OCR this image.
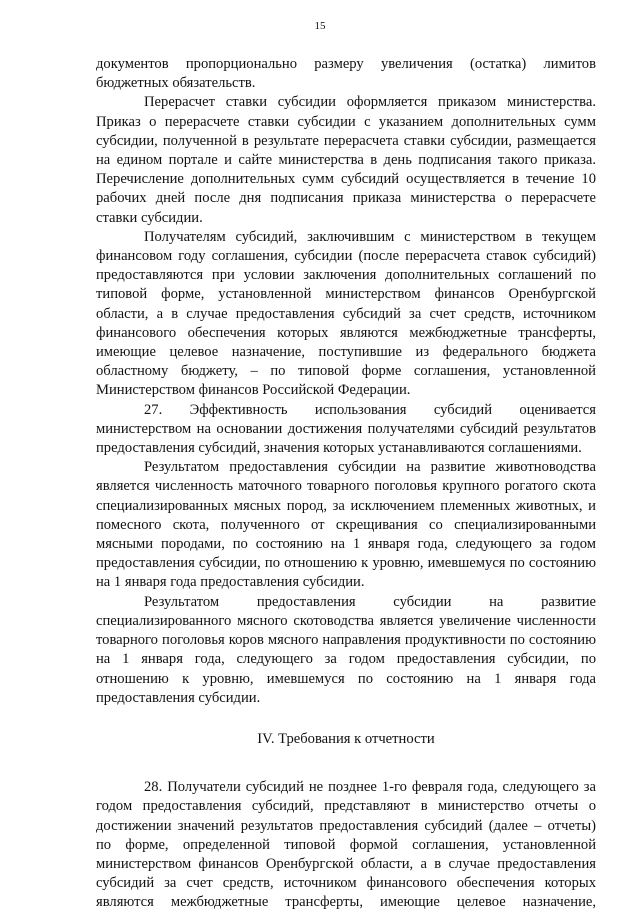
15

документов пропорционально размеру увеличения (остатка) лимитов бюджетных обязательств.

Перерасчет ставки субсидии оформляется приказом министерства. Приказ о перерасчете ставки субсидии с указанием дополнительных сумм субсидии, полученной в результате перерасчета ставки субсидии, размещается на едином портале и сайте министерства в день подписания такого приказа. Перечисление дополнительных сумм субсидий осуществляется в течение 10 рабочих дней после дня подписания приказа министерства о перерасчете ставки субсидии.

Получателям субсидий, заключившим с министерством в текущем финансовом году соглашения, субсидии (после перерасчета ставок субсидий) предоставляются при условии заключения дополнительных соглашений по типовой форме, установленной министерством финансов Оренбургской области, а в случае предоставления субсидий за счет средств, источником финансового обеспечения которых являются межбюджетные трансферты, имеющие целевое назначение, поступившие из федерального бюджета областному бюджету, – по типовой форме соглашения, установленной Министерством финансов Российской Федерации.

27. Эффективность использования субсидий оценивается министерством на основании достижения получателями субсидий результатов предоставления субсидий, значения которых устанавливаются соглашениями.

Результатом предоставления субсидии на развитие животноводства является численность маточного товарного поголовья крупного рогатого скота специализированных мясных пород, за исключением племенных животных, и помесного скота, полученного от скрещивания со специализированными мясными породами, по состоянию на 1 января года, следующего за годом предоставления субсидии, по отношению к уровню, имевшемуся по состоянию на 1 января года предоставления субсидии.

Результатом предоставления субсидии на развитие специализированного мясного скотоводства является увеличение численности товарного поголовья коров мясного направления продуктивности по состоянию на 1 января года, следующего за годом предоставления субсидии, по отношению к уровню, имевшемуся по состоянию на 1 января года предоставления субсидии.

IV. Требования к отчетности

28. Получатели субсидий не позднее 1-го февраля года, следующего за годом предоставления субсидий, представляют в министерство отчеты о достижении значений результатов предоставления субсидий (далее – отчеты) по форме, определенной типовой формой соглашения, установленной министерством финансов Оренбургской области, а в случае предоставления субсидий за счет средств, источником финансового обеспечения которых являются межбюджетные трансферты, имеющие целевое назначение,
